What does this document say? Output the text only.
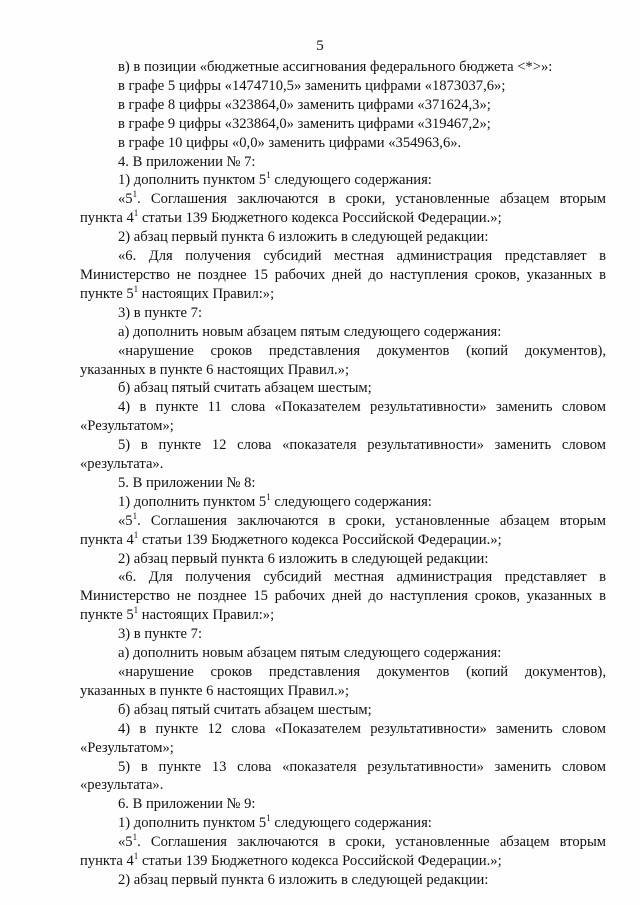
5

в) в позиции «бюджетные ассигнования федерального бюджета <*>»:

в графе 5 цифры «1474710,5» заменить цифрами «1873037,6»;

в графе 8 цифры «323864,0» заменить цифрами «371624,3»;

в графе 9 цифры «323864,0» заменить цифрами «319467,2»;

в графе 10 цифры «0,0» заменить цифрами «354963,6».

4. В приложении № 7:

1) дополнить пунктом $5^1$ следующего содержания:

«$5^1$. Соглашения заключаются в сроки, установленные абзацем вторым пункта $4^1$ статьи 139 Бюджетного кодекса Российской Федерации.»;

2) абзац первый пункта 6 изложить в следующей редакции:

«6. Для получения субсидий местная администрация представляет в Министерство не позднее 15 рабочих дней до наступления сроков, указанных в пункте $5^1$ настоящих Правил:»;

3) в пункте 7:

а) дополнить новым абзацем пятым следующего содержания:

«нарушение сроков представления документов (копий документов), указанных в пункте 6 настоящих Правил.»;

б) абзац пятый считать абзацем шестым;

4) в пункте 11 слова «Показателем результативности» заменить словом «Результатом»;

5) в пункте 12 слова «показателя результативности» заменить словом «результата».

5. В приложении № 8:

1) дополнить пунктом $5^1$ следующего содержания:

«$5^1$. Соглашения заключаются в сроки, установленные абзацем вторым пункта $4^1$ статьи 139 Бюджетного кодекса Российской Федерации.»;

2) абзац первый пункта 6 изложить в следующей редакции:

«6. Для получения субсидий местная администрация представляет в Министерство не позднее 15 рабочих дней до наступления сроков, указанных в пункте $5^1$ настоящих Правил:»;

3) в пункте 7:

а) дополнить новым абзацем пятым следующего содержания:

«нарушение сроков представления документов (копий документов), указанных в пункте 6 настоящих Правил.»;

б) абзац пятый считать абзацем шестым;

4) в пункте 12 слова «Показателем результативности» заменить словом «Результатом»;

5) в пункте 13 слова «показателя результативности» заменить словом «результата».

6. В приложении № 9:

1) дополнить пунктом $5^1$ следующего содержания:

«$5^1$. Соглашения заключаются в сроки, установленные абзацем вторым пункта $4^1$ статьи 139 Бюджетного кодекса Российской Федерации.»;

2) абзац первый пункта 6 изложить в следующей редакции:
